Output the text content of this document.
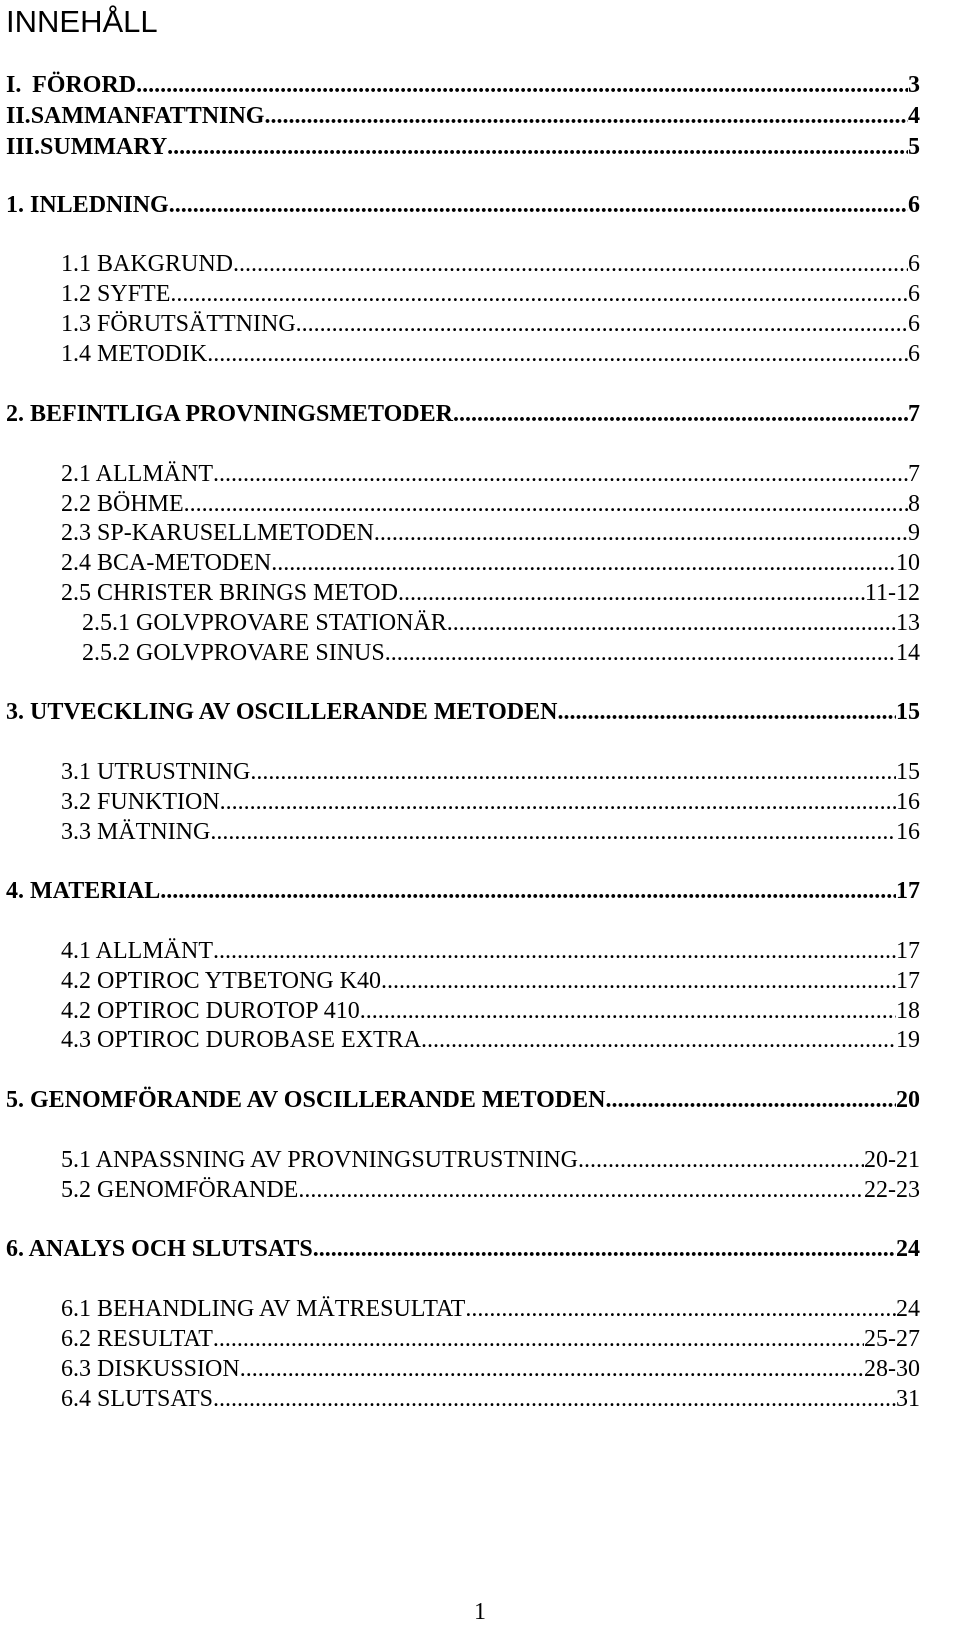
INNEHÅLL
I. FÖRORD .....	3
II. SAMMANFATTNING .....	4
III. SUMMARY .....	5
1. INLEDNING .....	6
1.1 BAKGRUND .....	6
1.2 SYFTE .....	6
1.3 FÖRUTSÄTTNING .....	6
1.4 METODIK .....	6
2. BEFINTLIGA PROVNINGSMETODER .....	7
2.1 ALLMÄNT .....	7
2.2 BÖHME .....	8
2.3 SP-KARUSELLMETODEN .....	9
2.4 BCA-METODEN .....	10
2.5 CHRISTER BRINGS METOD .....	11-12
2.5.1 GOLVPROVARE STATIONÄR .....	13
2.5.2 GOLVPROVARE SINUS .....	14
3. UTVECKLING AV OSCILLERANDE METODEN .....	15
3.1 UTRUSTNING .....	15
3.2 FUNKTION .....	16
3.3 MÄTNING .....	16
4. MATERIAL .....	17
4.1 ALLMÄNT .....	17
4.2 OPTIROC YTBETONG K40 .....	17
4.2 OPTIROC DUROTOP 410 .....	18
4.3 OPTIROC DUROBASE EXTRA .....	19
5. GENOMFÖRANDE AV OSCILLERANDE METODEN .....	20
5.1 ANPASSNING AV PROVNINGSUTRUSTNING .....	20-21
5.2 GENOMFÖRANDE .....	22-23
6. ANALYS OCH SLUTSATS .....	24
6.1 BEHANDLING AV MÄTRESULTAT .....	24
6.2 RESULTAT .....	25-27
6.3 DISKUSSION .....	28-30
6.4 SLUTSATS .....	31
1
